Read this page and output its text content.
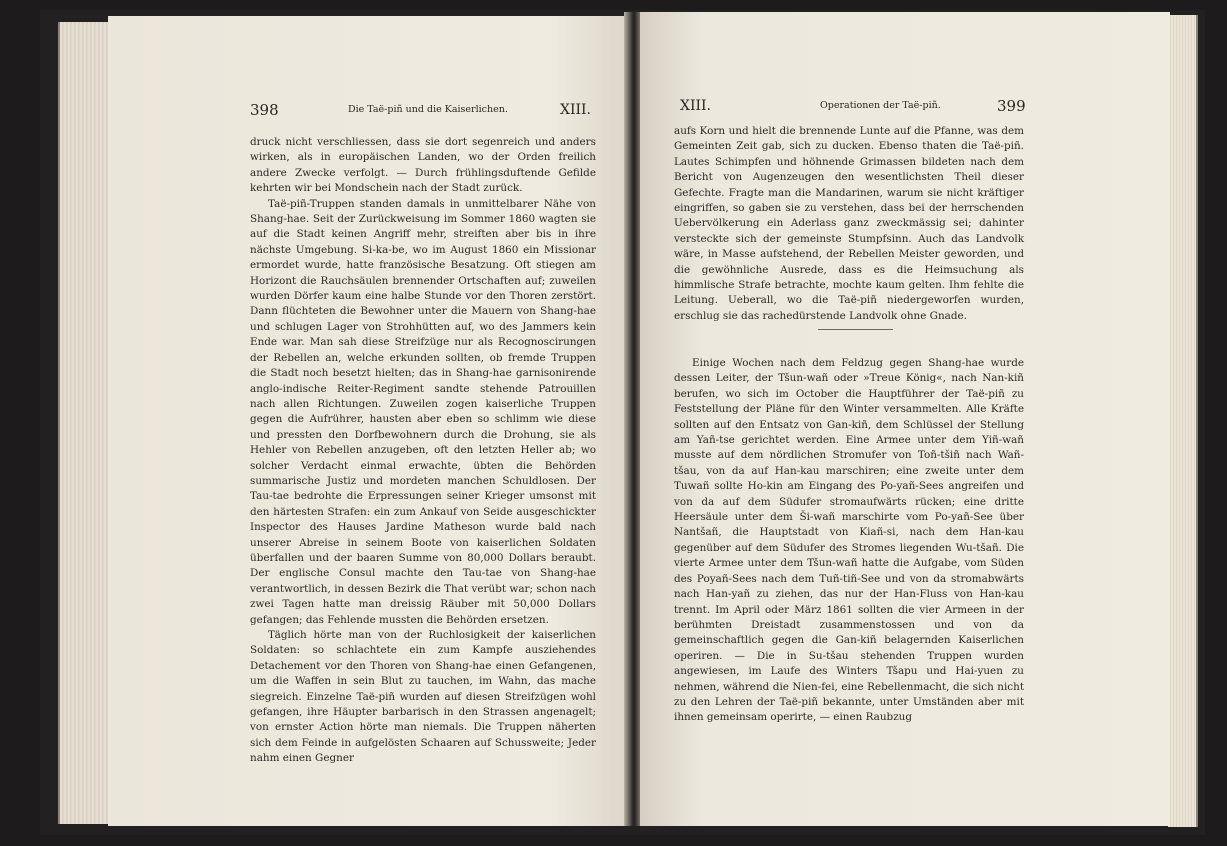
398	Die Taë-piñ und die Kaiserlichen.	XIII.

druck nicht verschliessen, dass sie dort segenreich und anders wirken, als in europäischen Landen, wo der Orden freilich andere Zwecke verfolgt. — Durch frühlingsduftende Gefilde kehrten wir bei Mondschein nach der Stadt zurück.

Taë-piñ-Truppen standen damals in unmittelbarer Nähe von Shang-hae. Seit der Zurückweisung im Sommer 1860 wagten sie auf die Stadt keinen Angriff mehr, streiften aber bis in ihre nächste Umgebung. Si-ka-be, wo im August 1860 ein Missionar ermordet wurde, hatte französische Besatzung. Oft stiegen am Horizont die Rauchsäulen brennender Ortschaften auf; zuweilen wurden Dörfer kaum eine halbe Stunde vor den Thoren zerstört. Dann flüchteten die Bewohner unter die Mauern von Shang-hae und schlugen Lager von Strohhütten auf, wo des Jammers kein Ende war. Man sah diese Streifzüge nur als Recognoscirungen der Rebellen an, welche erkunden sollten, ob fremde Truppen die Stadt noch besetzt hielten; das in Shang-hae garnisonirende anglo-indische Reiter-Regiment sandte stehende Patrouillen nach allen Richtungen. Zuweilen zogen kaiserliche Truppen gegen die Aufrührer, hausten aber eben so schlimm wie diese und pressten den Dorfbewohnern durch die Drohung, sie als Hehler von Rebellen anzugeben, oft den letzten Heller ab; wo solcher Verdacht einmal erwachte, übten die Behörden summarische Justiz und mordeten manchen Schuldlosen. Der Tau-tae bedrohte die Erpressungen seiner Krieger umsonst mit den härtesten Strafen: ein zum Ankauf von Seide ausgeschickter Inspector des Hauses Jardine Matheson wurde bald nach unserer Abreise in seinem Boote von kaiserlichen Soldaten überfallen und der baaren Summe von 80,000 Dollars beraubt. Der englische Consul machte den Tau-tae von Shang-hae verantwortlich, in dessen Bezirk die That verübt war; schon nach zwei Tagen hatte man dreissig Räuber mit 50,000 Dollars gefangen; das Fehlende mussten die Behörden ersetzen.

Täglich hörte man von der Ruchlosigkeit der kaiserlichen Soldaten: so schlachtete ein zum Kampfe ausziehendes Detachement vor den Thoren von Shang-hae einen Gefangenen, um die Waffen in sein Blut zu tauchen, im Wahn, das mache siegreich. Einzelne Taë-piñ wurden auf diesen Streifzügen wohl gefangen, ihre Häupter barbarisch in den Strassen angenagelt; von ernster Action hörte man niemals. Die Truppen näherten sich dem Feinde in aufgelösten Schaaren auf Schussweite; Jeder nahm einen Gegner

XIII.	Operationen der Taë-piñ.	399

aufs Korn und hielt die brennende Lunte auf die Pfanne, was dem Gemeinten Zeit gab, sich zu ducken. Ebenso thaten die Taë-piñ. Lautes Schimpfen und höhnende Grimassen bildeten nach dem Bericht von Augenzeugen den wesentlichsten Theil dieser Gefechte. Fragte man die Mandarinen, warum sie nicht kräftiger eingriffen, so gaben sie zu verstehen, dass bei der herrschenden Uebervölkerung ein Aderlass ganz zweckmässig sei; dahinter versteckte sich der gemeinste Stumpfsinn. Auch das Landvolk wäre, in Masse aufstehend, der Rebellen Meister geworden, und die gewöhnliche Ausrede, dass es die Heimsuchung als himmlische Strafe betrachte, mochte kaum gelten. Ihm fehlte die Leitung. Ueberall, wo die Taë-piñ niedergeworfen wurden, erschlug sie das rachedürstende Landvolk ohne Gnade.

Einige Wochen nach dem Feldzug gegen Shang-hae wurde dessen Leiter, der Tšun-wañ oder »Treue König«, nach Nan-kiñ berufen, wo sich im October die Hauptführer der Taë-piñ zu Feststellung der Pläne für den Winter versammelten. Alle Kräfte sollten auf den Entsatz von Gan-kiñ, dem Schlüssel der Stellung am Yañ-tse gerichtet werden. Eine Armee unter dem Yiñ-wañ musste auf dem nördlichen Stromufer von Toñ-tšiñ nach Wañ-tšau, von da auf Han-kau marschiren; eine zweite unter dem Tuwañ sollte Ho-kin am Eingang des Po-yañ-Sees angreifen und von da auf dem Südufer stromaufwärts rücken; eine dritte Heersäule unter dem Ši-wañ marschirte vom Po-yañ-See über Nantšañ, die Hauptstadt von Kiañ-si, nach dem Han-kau gegenüber auf dem Südufer des Stromes liegenden Wu-tšañ. Die vierte Armee unter dem Tšun-wañ hatte die Aufgabe, vom Süden des Poyañ-Sees nach dem Tuñ-tiñ-See und von da stromabwärts nach Han-yañ zu ziehen, das nur der Han-Fluss von Han-kau trennt. Im April oder März 1861 sollten die vier Armeen in der berühmten Dreistadt zusammenstossen und von da gemeinschaftlich gegen die Gan-kiñ belagernden Kaiserlichen operiren. — Die in Su-tšau stehenden Truppen wurden angewiesen, im Laufe des Winters Tšapu und Hai-yuen zu nehmen, während die Nien-fei, eine Rebellenmacht, die sich nicht zu den Lehren der Taë-piñ bekannte, unter Umständen aber mit ihnen gemeinsam operirte, — einen Raubzug
